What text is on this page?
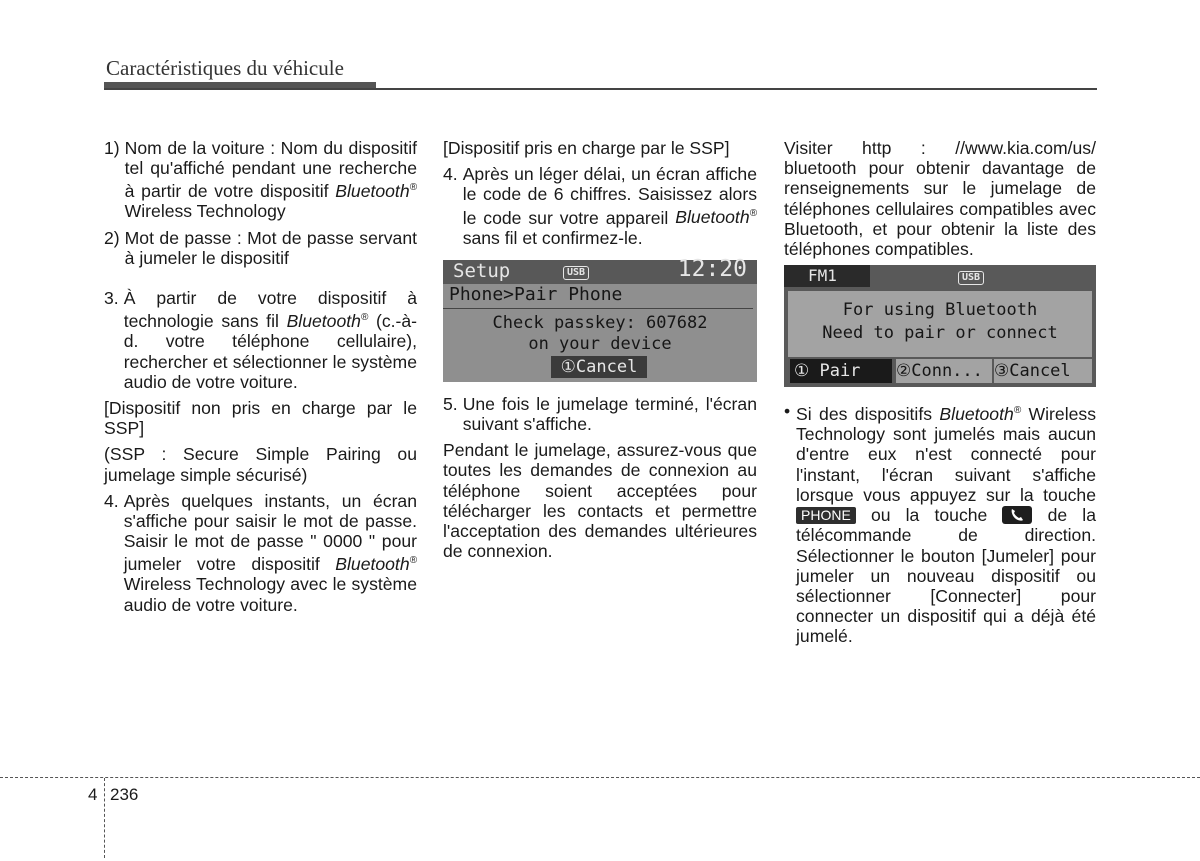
Caractéristiques du véhicule
1) Nom de la voiture : Nom du dispositif tel qu'affiché pendant une recherche à partir de votre dispositif Bluetooth® Wireless Technology
2) Mot de passe : Mot de passe servant à jumeler le dispositif
3. À partir de votre dispositif à technologie sans fil Bluetooth® (c.-à-d. votre téléphone cellulaire), rechercher et sélectionner le système audio de votre voiture.

[Dispositif non pris en charge par le SSP]

(SSP : Secure Simple Pairing ou jumelage simple sécurisé)

4. Après quelques instants, un écran s'affiche pour saisir le mot de passe. Saisir le mot de passe " 0000 " pour jumeler votre dispositif Bluetooth® Wireless Technology avec le système audio de votre voiture.

[Dispositif pris en charge par le SSP]

4. Après un léger délai, un écran affiche le code de 6 chiffres. Saisissez alors le code sur votre appareil Bluetooth® sans fil et confirmez-le.
Setup	USB	12:20
Phone>Pair Phone
Check passkey: 607682
on your device
①Cancel
5. Une fois le jumelage terminé, l'écran suivant s'affiche.

Pendant le jumelage, assurez-vous que toutes les demandes de connexion au téléphone soient acceptées pour télécharger les contacts et permettre l'acceptation des demandes ultérieures de connexion.

Visiter http : //www.kia.com/us/ bluetooth pour obtenir davantage de renseignements sur le jumelage de téléphones cellulaires compatibles avec Bluetooth, et pour obtenir la liste des téléphones compatibles.

FM1	USB
For using Bluetooth
Need to pair or connect
① Pair	②Conn... ③Cancel
• Si des dispositifs Bluetooth® Wireless Technology sont jumelés mais aucun d'entre eux n'est connecté pour l'instant, l'écran suivant s'affiche lorsque vous appuyez sur la touche PHONE ou la touche
de la télécommande de direction. Sélectionner le bouton [Jumeler] pour jumeler un nouveau dispositif ou sélectionner [Connecter] pour connecter un dispositif qui a déjà été jumelé.
4 236
